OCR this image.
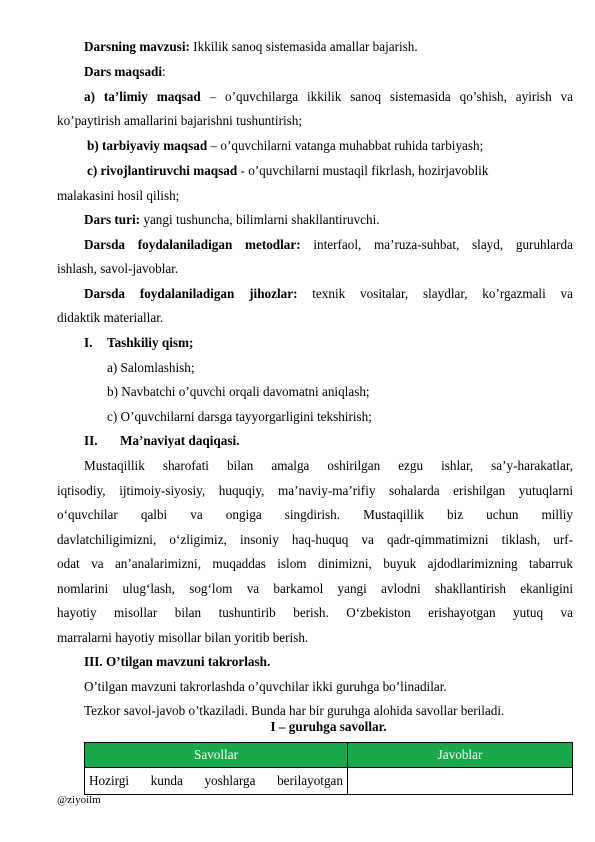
Darsning mavzusi: Ikkilik sanoq sistemasida amallar bajarish.
Dars maqsadi:
a) ta’limiy maqsad – o’quvchilarga ikkilik sanoq sistemasida qo’shish, ayirish va
ko’paytirish amallarini bajarishni tushuntirish;
b) tarbiyaviy maqsad – o’quvchilarni vatanga muhabbat ruhida tarbiyash;
c) rivojlantiruvchi maqsad - o’quvchilarni mustaqil fikrlash, hozirjavoblik
malakasini hosil qilish;
Dars turi: yangi tushuncha, bilimlarni shakllantiruvchi.
Darsda foydalaniladigan metodlar: interfaol, ma’ruza-suhbat, slayd, guruhlarda
ishlash, savol-javoblar.
Darsda foydalaniladigan jihozlar: texnik vositalar, slaydlar, ko’rgazmali va
didaktik materiallar.
I. Tashkiliy qism;
a) Salomlashish;
b) Navbatchi o’quvchi orqali davomatni aniqlash;
c) O’quvchilarni darsga tayyorgarligini tekshirish;
II. Ma’naviyat daqiqasi.
Mustaqillik sharofati bilan amalga oshirilgan ezgu ishlar, sa’y-harakatlar,
iqtisodiy, ijtimoiy-siyosiy, huquqiy, ma’naviy-ma’rifiy sohalarda erishilgan yutuqlarni
o‘quvchilar qalbi va ongiga singdirish. Mustaqillik biz uchun milliy
davlatchiligimizni, o‘zligimiz, insoniy haq-huquq va qadr-qimmatimizni tiklash, urf-
odat va an’analarimizni, muqaddas islom dinimizni, buyuk ajdodlarimizning tabarruk
nomlarini ulug‘lash, sog‘lom va barkamol yangi avlodni shakllantirish ekanligini
hayotiy misollar bilan tushuntirib berish. O‘zbekiston erishayotgan yutuq va
marralarni hayotiy misollar bilan yoritib berish.
III. O’tilgan mavzuni takrorlash.
O’tilgan mavzuni takrorlashda o’quvchilar ikki guruhga bo’linadilar.
Tezkor savol-javob o’tkaziladi. Bunda har bir guruhga alohida savollar beriladi.
Savollar	Javoblar
Hozirgi kunda yoshlarga berilayotgan	
I – guruhga savollar.
@ziyoilm
